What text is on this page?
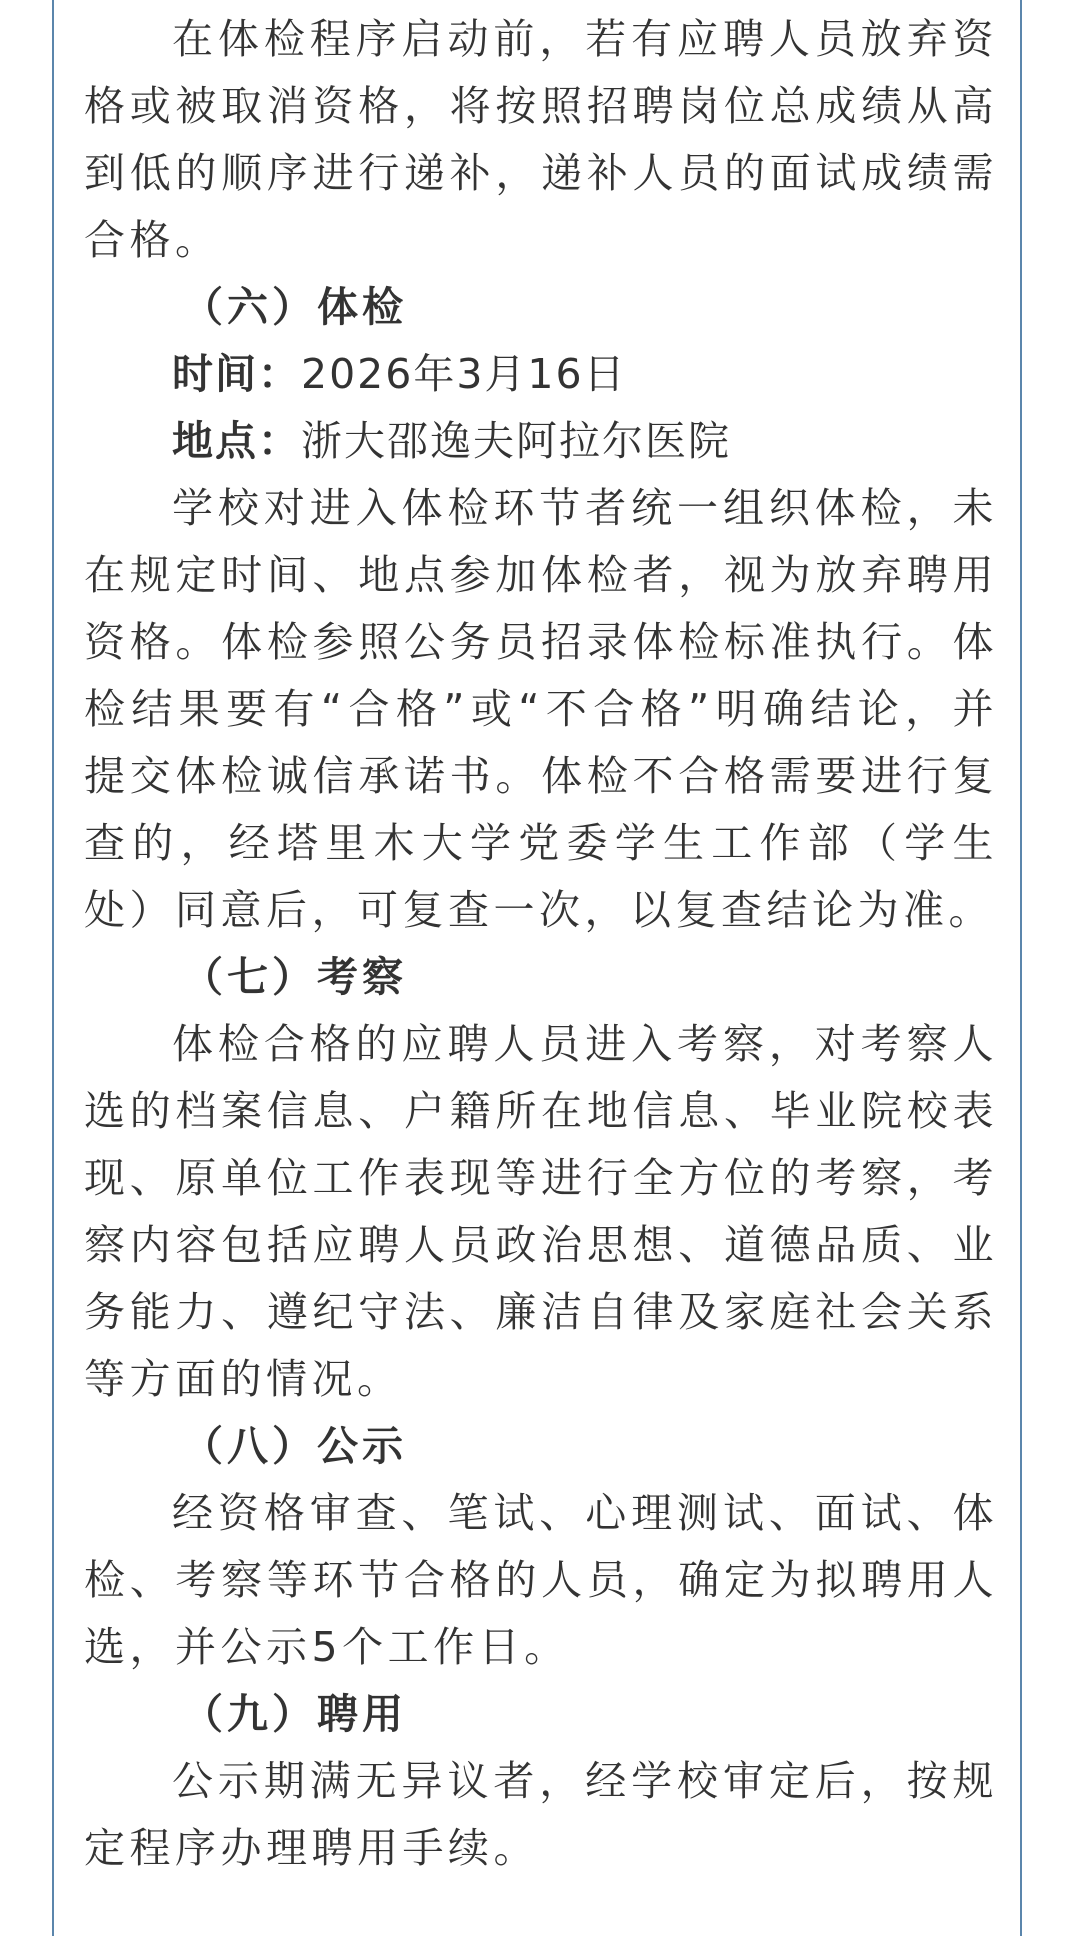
在体检程序启动前，若有应聘人员放弃资格或被取消资格，将按照招聘岗位总成绩从高到低的顺序进行递补，递补人员的面试成绩需合格。

（六）体检

时间：2026年3月16日

地点：浙大邵逸夫阿拉尔医院

学校对进入体检环节者统一组织体检，未在规定时间、地点参加体检者，视为放弃聘用资格。体检参照公务员招录体检标准执行。体检结果要有“合格”或“不合格”明确结论，并提交体检诚信承诺书。体检不合格需要进行复查的，经塔里木大学党委学生工作部（学生处）同意后，可复查一次，以复查结论为准。

（七）考察

体检合格的应聘人员进入考察，对考察人选的档案信息、户籍所在地信息、毕业院校表现、原单位工作表现等进行全方位的考察，考察内容包括应聘人员政治思想、道德品质、业务能力、遵纪守法、廉洁自律及家庭社会关系等方面的情况。

（八）公示

经资格审查、笔试、心理测试、面试、体检、考察等环节合格的人员，确定为拟聘用人选，并公示5个工作日。

（九）聘用

公示期满无异议者，经学校审定后，按规定程序办理聘用手续。
